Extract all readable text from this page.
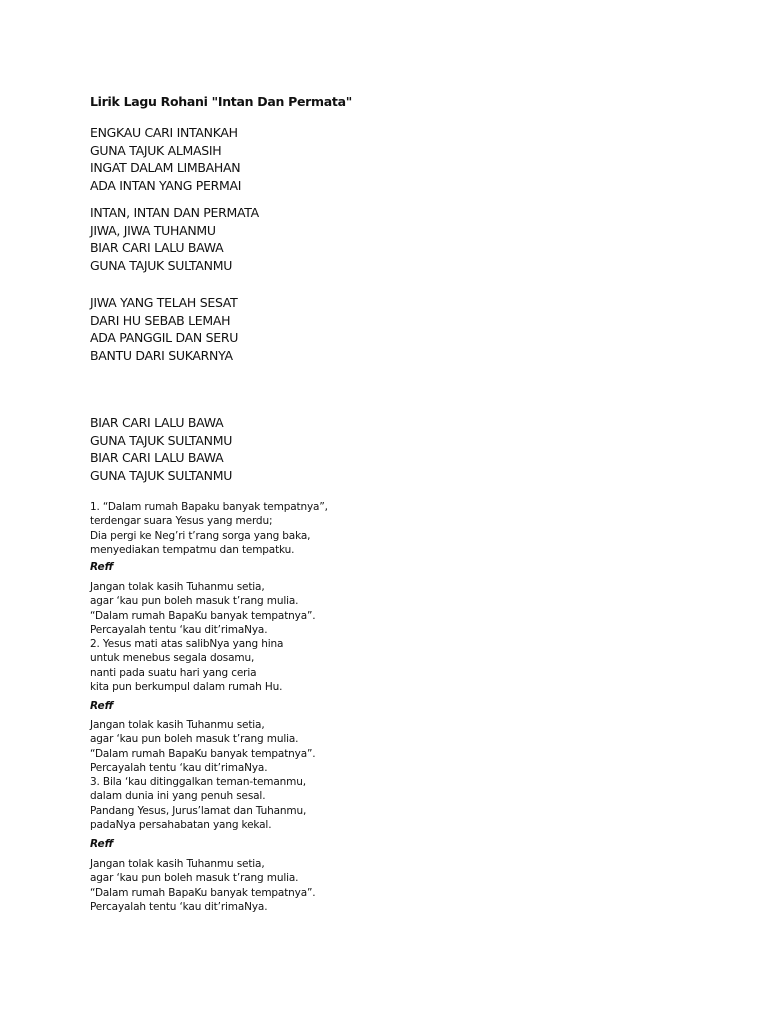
Lirik Lagu Rohani "Intan Dan Permata"
ENGKAU CARI INTANKAH
GUNA TAJUK ALMASIH
INGAT DALAM LIMBAHAN
ADA INTAN YANG PERMAI
INTAN, INTAN DAN PERMATA
JIWA, JIWA TUHANMU
BIAR CARI LALU BAWA
GUNA TAJUK SULTANMU
JIWA YANG TELAH SESAT
DARI HU SEBAB LEMAH
ADA PANGGIL DAN SERU
BANTU DARI SUKARNYA
BIAR CARI LALU BAWA
GUNA TAJUK SULTANMU
BIAR CARI LALU BAWA
GUNA TAJUK SULTANMU
1. “Dalam rumah Bapaku banyak tempatnya”,
terdengar suara Yesus yang merdu;
Dia pergi ke Neg’ri t’rang sorga yang baka,
menyediakan tempatmu dan tempatku.
Reff
Jangan tolak kasih Tuhanmu setia,
agar ‘kau pun boleh masuk t’rang mulia.
“Dalam rumah BapaKu banyak tempatnya”.
Percayalah tentu ‘kau dit’rimaNya.
2. Yesus mati atas salibNya yang hina
untuk menebus segala dosamu,
nanti pada suatu hari yang ceria
kita pun berkumpul dalam rumah Hu.
Reff
Jangan tolak kasih Tuhanmu setia,
agar ‘kau pun boleh masuk t’rang mulia.
“Dalam rumah BapaKu banyak tempatnya”.
Percayalah tentu ‘kau dit’rimaNya.
3. Bila ‘kau ditinggalkan teman-temanmu,
dalam dunia ini yang penuh sesal.
Pandang Yesus, Jurus’lamat dan Tuhanmu,
padaNya persahabatan yang kekal.
Reff
Jangan tolak kasih Tuhanmu setia,
agar ‘kau pun boleh masuk t’rang mulia.
“Dalam rumah BapaKu banyak tempatnya”.
Percayalah tentu ‘kau dit’rimaNya.
